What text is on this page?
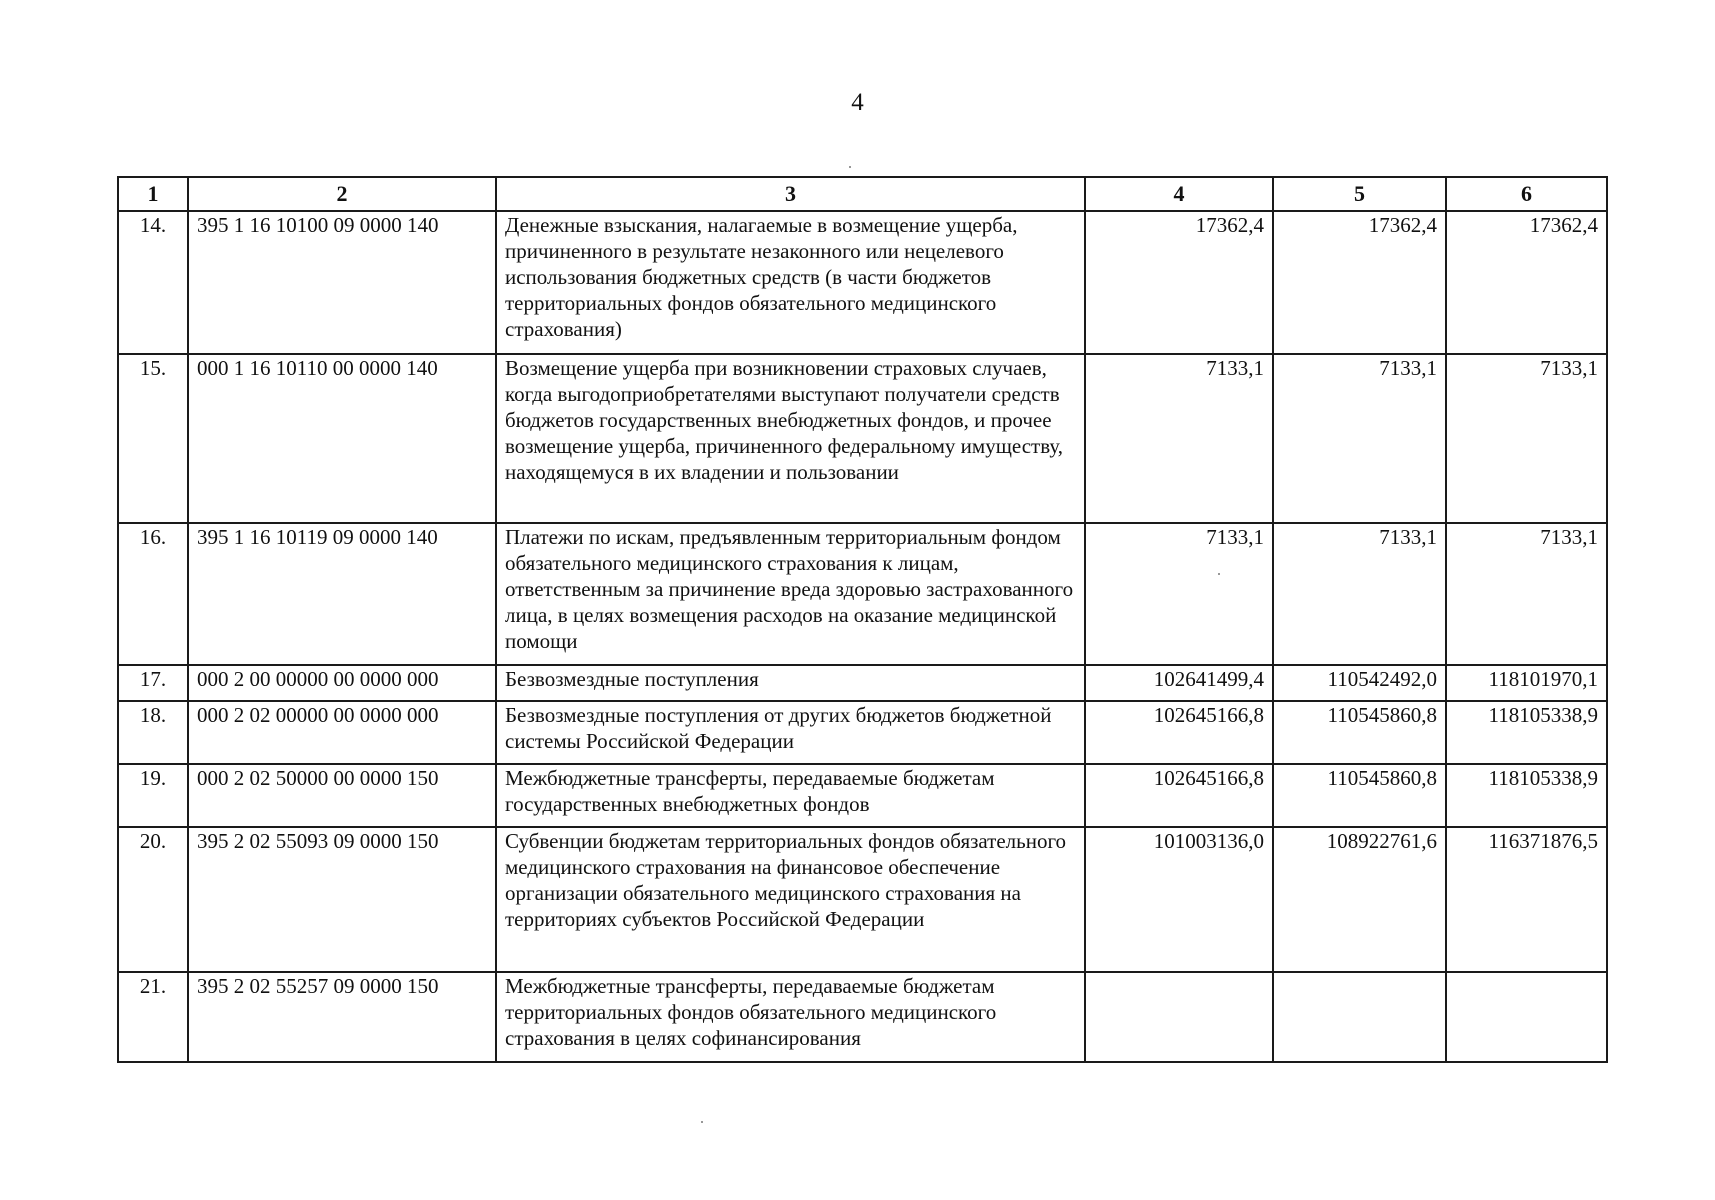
4
1	2	3	4	5	6
14.	395 1 16 10100 09 0000 140	Денежные взыскания, налагаемые в возмещение ущерба, причиненного в результате незаконного или нецелевого использования бюджетных средств (в части бюджетов территориальных фондов обязательного медицинского страхования)	17362,4	17362,4	17362,4
15.	000 1 16 10110 00 0000 140	Возмещение ущерба при возникновении страховых случаев, когда выгодоприобретателями выступают получатели средств бюджетов государственных внебюджетных фондов, и прочее возмещение ущерба, причиненного федеральному имуществу, находящемуся в их владении и пользовании	7133,1	7133,1	7133,1
16.	395 1 16 10119 09 0000 140	Платежи по искам, предъявленным территориальным фондом обязательного медицинского страхования к лицам, ответственным за причинение вреда здоровью застрахованного лица, в целях возмещения расходов на оказание медицинской помощи	7133,1	7133,1	7133,1
17.	000 2 00 00000 00 0000 000	Безвозмездные поступления	102641499,4	110542492,0	118101970,1
18.	000 2 02 00000 00 0000 000	Безвозмездные поступления от других бюджетов бюджетной системы Российской Федерации	102645166,8	110545860,8	118105338,9
19.	000 2 02 50000 00 0000 150	Межбюджетные трансферты, передаваемые бюджетам государственных внебюджетных фондов	102645166,8	110545860,8	118105338,9
20.	395 2 02 55093 09 0000 150	Субвенции бюджетам территориальных фондов обязательного медицинского страхования на финансовое обеспечение организации обязательного медицинского страхования на территориях субъектов Российской Федерации	101003136,0	108922761,6	116371876,5
21.	395 2 02 55257 09 0000 150	Межбюджетные трансферты, передаваемые бюджетам территориальных фондов обязательного медицинского страхования в целях софинансирования			
